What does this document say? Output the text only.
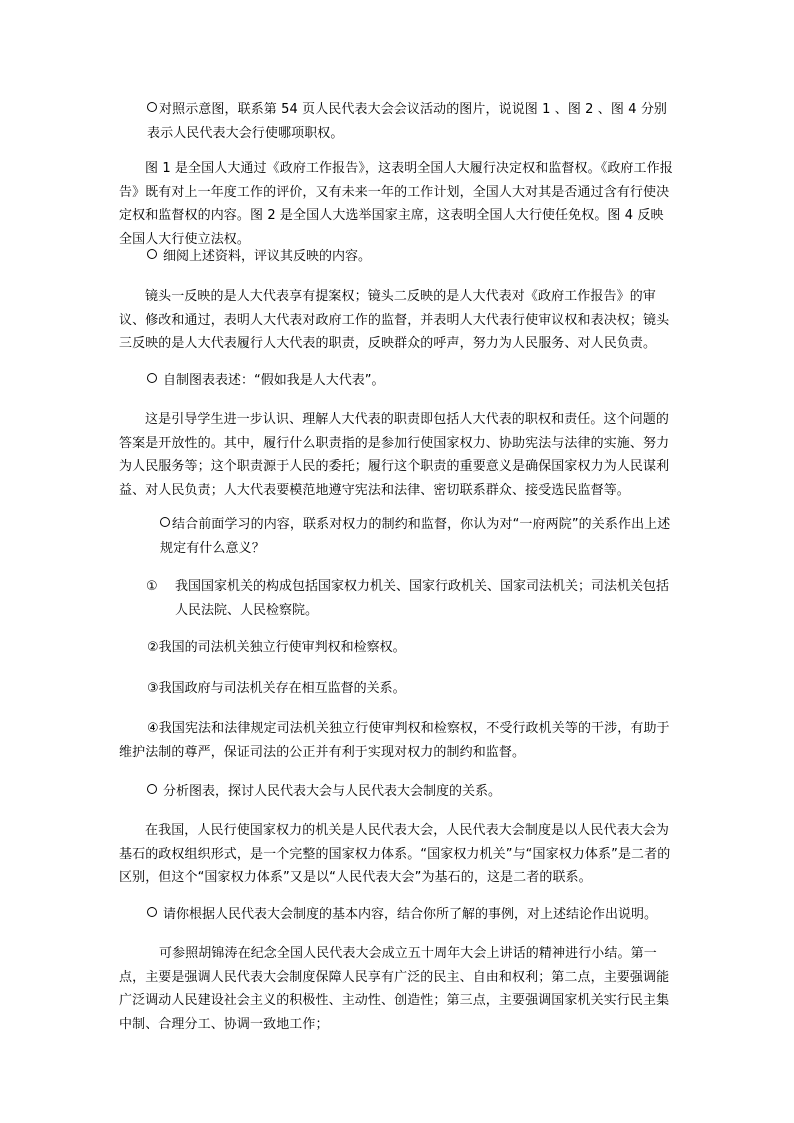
对照示意图，联系第 54 页人民代表大会会议活动的图片，说说图 1 、图 2 、图 4 分别表示人民代表大会行使哪项职权。

图 1 是全国人大通过《政府工作报告》，这表明全国人大履行决定权和监督权。《政府工作报告》既有对上一年度工作的评价，又有未来一年的工作计划，全国人大对其是否通过含有行使决定权和监督权的内容。图 2 是全国人大选举国家主席，这表明全国人大行使任免权。图 4 反映全国人大行使立法权。

细阅上述资料，评议其反映的内容。

镜头一反映的是人大代表享有提案权；镜头二反映的是人大代表对《政府工作报告》的审议、修改和通过，表明人大代表对政府工作的监督，并表明人大代表行使审议权和表决权；镜头三反映的是人大代表履行人大代表的职责，反映群众的呼声，努力为人民服务、对人民负责。

自制图表表述：“假如我是人大代表”。

这是引导学生进一步认识、理解人大代表的职责即包括人大代表的职权和责任。这个问题的答案是开放性的。其中，履行什么职责指的是参加行使国家权力、协助宪法与法律的实施、努力为人民服务等；这个职责源于人民的委托；履行这个职责的重要意义是确保国家权力为人民谋利益、对人民负责；人大代表要模范地遵守宪法和法律、密切联系群众、接受选民监督等。

结合前面学习的内容，联系对权力的制约和监督，你认为对“一府两院”的关系作出上述规定有什么意义？

① 我国国家机关的构成包括国家权力机关、国家行政机关、国家司法机关；司法机关包括人民法院、人民检察院。

②我国的司法机关独立行使审判权和检察权。

③我国政府与司法机关存在相互监督的关系。

④我国宪法和法律规定司法机关独立行使审判权和检察权，不受行政机关等的干涉，有助于维护法制的尊严，保证司法的公正并有利于实现对权力的制约和监督。

分析图表，探讨人民代表大会与人民代表大会制度的关系。

在我国，人民行使国家权力的机关是人民代表大会，人民代表大会制度是以人民代表大会为基石的政权组织形式，是一个完整的国家权力体系。“国家权力机关”与“国家权力体系”是二者的区别，但这个“国家权力体系”又是以“人民代表大会”为基石的，这是二者的联系。

请你根据人民代表大会制度的基本内容，结合你所了解的事例，对上述结论作出说明。

可参照胡锦涛在纪念全国人民代表大会成立五十周年大会上讲话的精神进行小结。第一点，主要是强调人民代表大会制度保障人民享有广泛的民主、自由和权利；第二点，主要强调能广泛调动人民建设社会主义的积极性、主动性、创造性；第三点，主要强调国家机关实行民主集中制、合理分工、协调一致地工作；
